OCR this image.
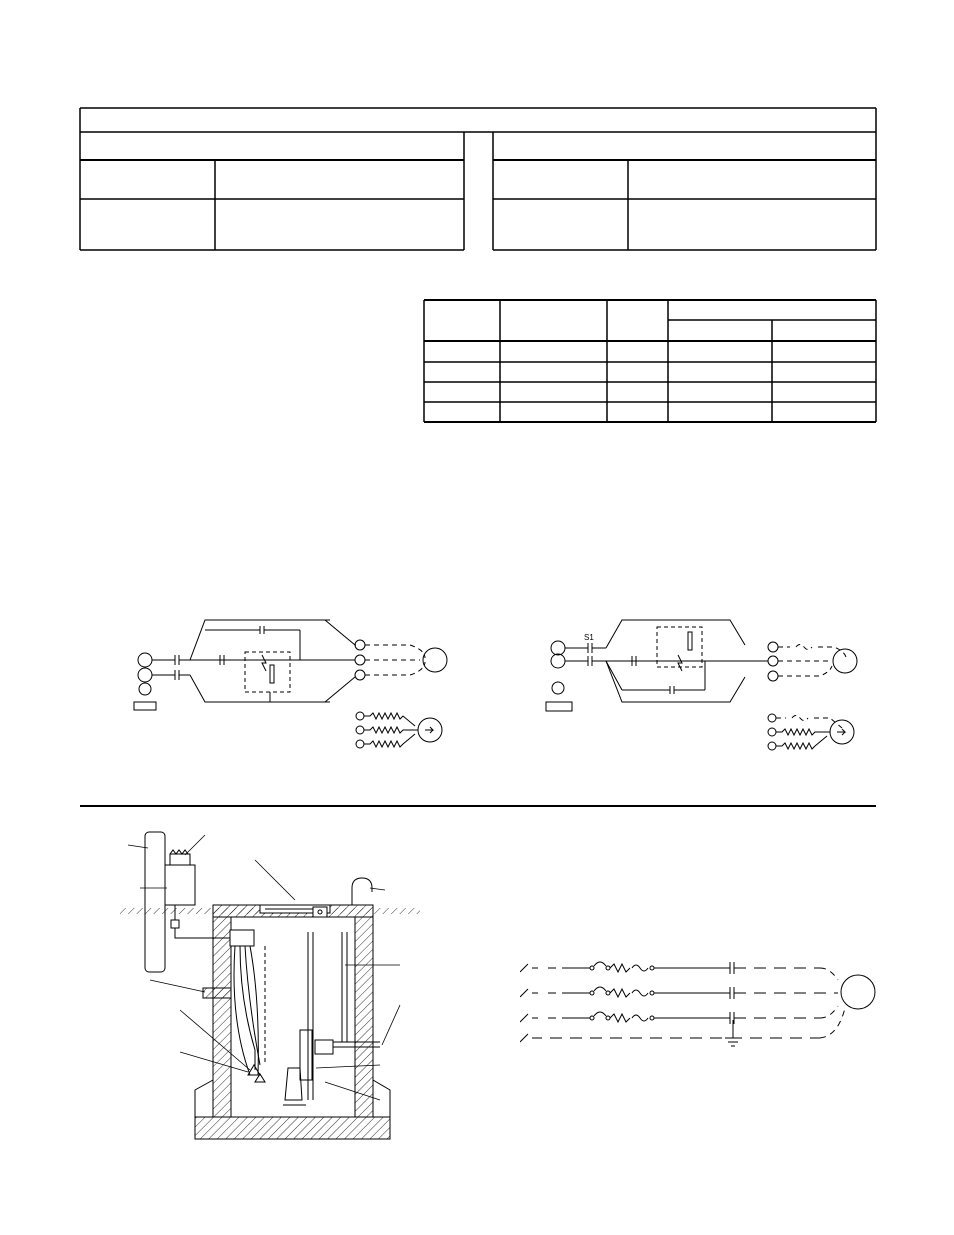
S1
